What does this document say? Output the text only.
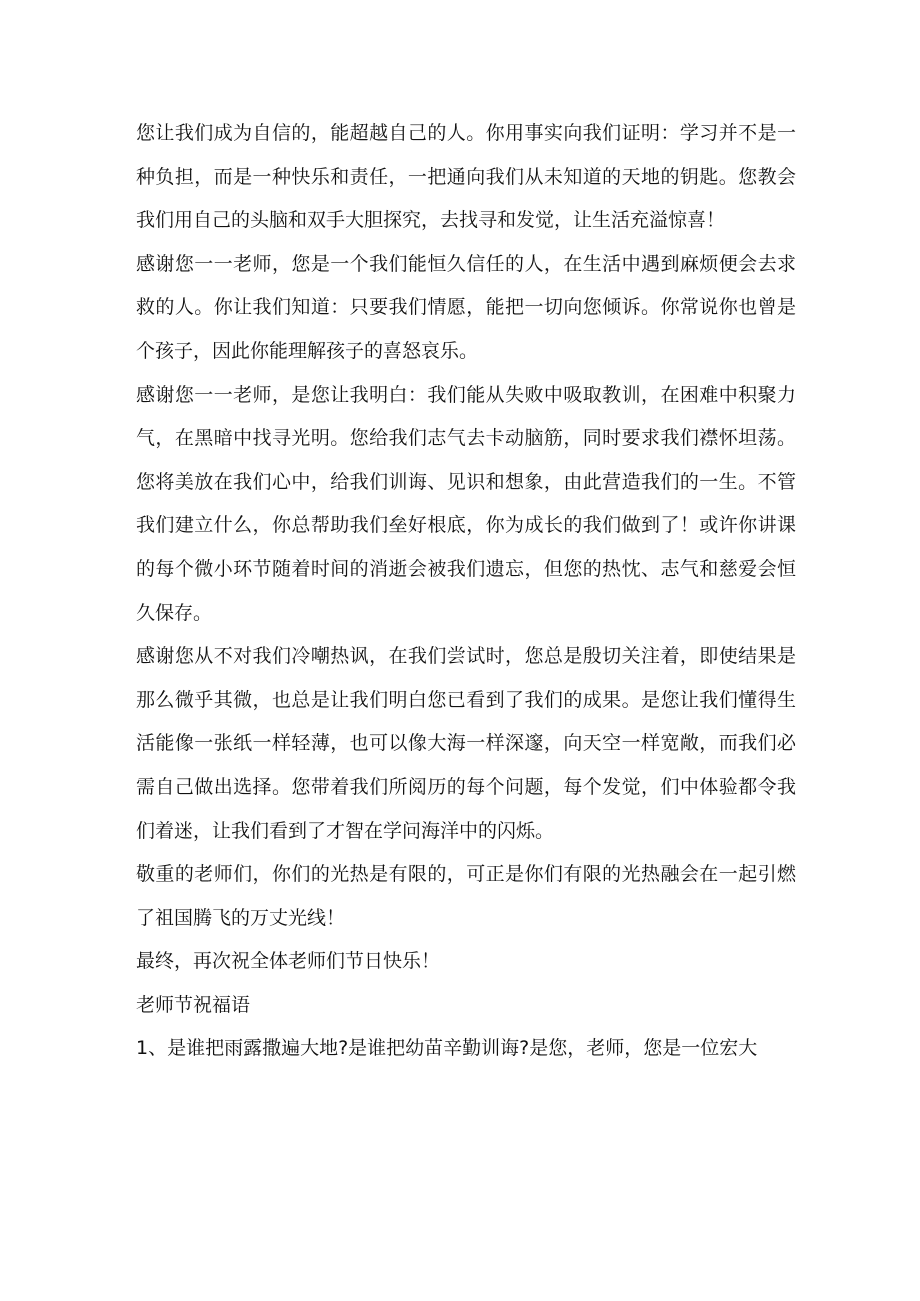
您让我们成为自信的，能超越自己的人。你用事实向我们证明：学习并不是一种负担，而是一种快乐和责任，一把通向我们从未知道的天地的钥匙。您教会我们用自己的头脑和双手大胆探究，去找寻和发觉，让生活充溢惊喜！

感谢您一一老师，您是一个我们能恒久信任的人，在生活中遇到麻烦便会去求救的人。你让我们知道：只要我们情愿，能把一切向您倾诉。你常说你也曾是个孩子，因此你能理解孩子的喜怒哀乐。

感谢您一一老师，是您让我明白：我们能从失败中吸取教训，在困难中积聚力气，在黑暗中找寻光明。您给我们志气去卡动脑筋，同时要求我们襟怀坦荡。您将美放在我们心中，给我们训诲、见识和想象，由此营造我们的一生。不管我们建立什么，你总帮助我们垒好根底，你为成长的我们做到了！或许你讲课的每个微小环节随着时间的消逝会被我们遗忘，但您的热忱、志气和慈爱会恒久保存。

感谢您从不对我们冷嘲热讽，在我们尝试时，您总是殷切关注着，即使结果是那么微乎其微，也总是让我们明白您已看到了我们的成果。是您让我们懂得生活能像一张纸一样轻薄，也可以像大海一样深邃，向天空一样宽敞，而我们必需自己做出选择。您带着我们所阅历的每个问题，每个发觉，们中体验都令我们着迷，让我们看到了才智在学问海洋中的闪烁。

敬重的老师们，你们的光热是有限的，可正是你们有限的光热融会在一起引燃了祖国腾飞的万丈光线！

最终，再次祝全体老师们节日快乐！

老师节祝福语

1、是谁把雨露撒遍大地?是谁把幼苗辛勤训诲?是您，老师，您是一位宏大
